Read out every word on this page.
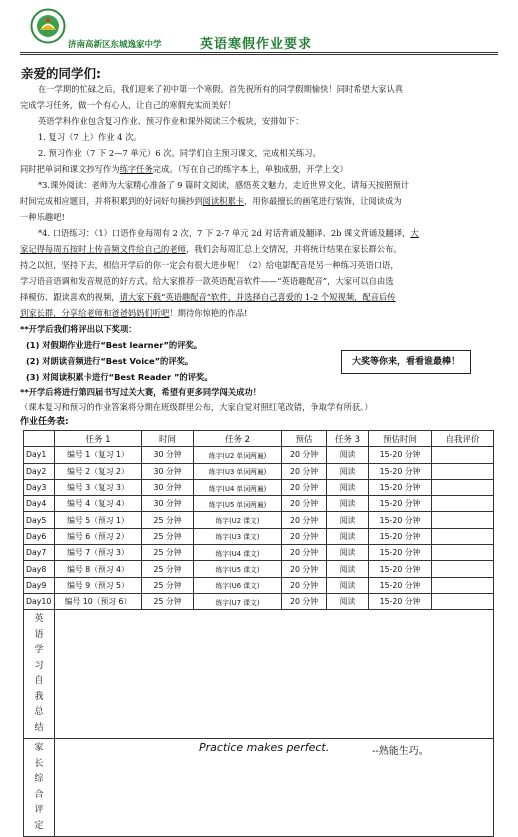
济南高新区东城逸家中学	英语寒假作业要求
亲爱的同学们:
在一学期的忙碌之后，我们迎来了初中第一个寒假。首先祝所有的同学假期愉快！同时希望大家认真
完成学习任务，做一个有心人，让自己的寒假充实而美好！
英语学科作业包含复习作业、预习作业和课外阅读三个板块，安排如下：
1. 复习（7 上）作业 4 次。
2. 预习作业（7 下 2—7 单元）6 次。同学们自主预习课文，完成相关练习。
同时把单词和课文抄写作为练字任务完成。（写在自己的练字本上，单独成册，开学上交）
*3.课外阅读：老师为大家精心准备了 9 篇时文阅读，感悟英文魅力，走近世界文化，请每天按照预计
时间完成相应题目，并将积累到的好词好句摘抄到阅读积累卡，用你最擅长的画笔进行装饰，让阅读成为
一种乐趣吧!
*4. 口语练习：（1）口语作业每周有 2 次，7 下 2-7 单元 2d 对话背诵及翻译、2b 课文背诵及翻译，大
家记得每周五按时上传音频文件给自己的老师，我们会每周汇总上交情况，并将统计结果在家长群公布。
持之以恒，坚持下去，相信开学后的你一定会有很大进步呢！（2）给电影配音是另一种练习英语口语，
学习语音语调和发音规范的好方式。给大家推荐一款英语配音软件——“英语趣配音”，大家可以自由选
择模仿、跟读喜欢的视频，请大家下载“英语趣配音”软件，并选择自己喜爱的 1-2 个短视频，配音后传
到家长群，分享给老师和爸爸妈妈们听吧！期待你惊艳的作品!
**开学后我们将评出以下奖项：
(1) 对假期作业进行“Best learner”的评奖。
(2) 对朗读音频进行“Best Voice”的评奖。
(3) 对阅读积累卡进行“Best Reader ”的评奖。
大奖等你来，看看谁最棒！
**开学后将进行第四届书写过关大赛，希望有更多同学闯关成功！
（课本复习和预习的作业答案将分期在班级群里公布，大家自觉对照红笔改错，争取学有所获。）
作业任务表:
	任务 1	时间	任务 2	预估	任务 3	预估时间	自我评价
Day1	编号 1（复习 1）	30 分钟	练字(U2 单词两遍)	20 分钟	阅读	15-20 分钟	
Day2	编号 2（复习 2）	30 分钟	练字(U3 单词两遍)	20 分钟	阅读	15-20 分钟	
Day3	编号 3（复习 3）	30 分钟	练字(U4 单词两遍)	20 分钟	阅读	15-20 分钟	
Day4	编号 4（复习 4）	30 分钟	练字(U5 单词两遍)	20 分钟	阅读	15-20 分钟	
Day5	编号 5（预习 1）	25 分钟	练字(U2 课文)	20 分钟	阅读	15-20 分钟	
Day6	编号 6（预习 2）	25 分钟	练字(U3 课文)	20 分钟	阅读	15-20 分钟	
Day7	编号 7（预习 3）	25 分钟	练字(U4 课文)	20 分钟	阅读	15-20 分钟	
Day8	编号 8（预习 4）	25 分钟	练字(U5 课文)	20 分钟	阅读	15-20 分钟	
Day9	编号 9（预习 5）	25 分钟	练字(U6 课文)	20 分钟	阅读	15-20 分钟	
Day10	编号 10（预习 6）	25 分钟	练字(U7 课文)	20 分钟	阅读	15-20 分钟	
英语学习自我总结							
家长综合评定							
Practice makes perfect.	--熟能生巧。
